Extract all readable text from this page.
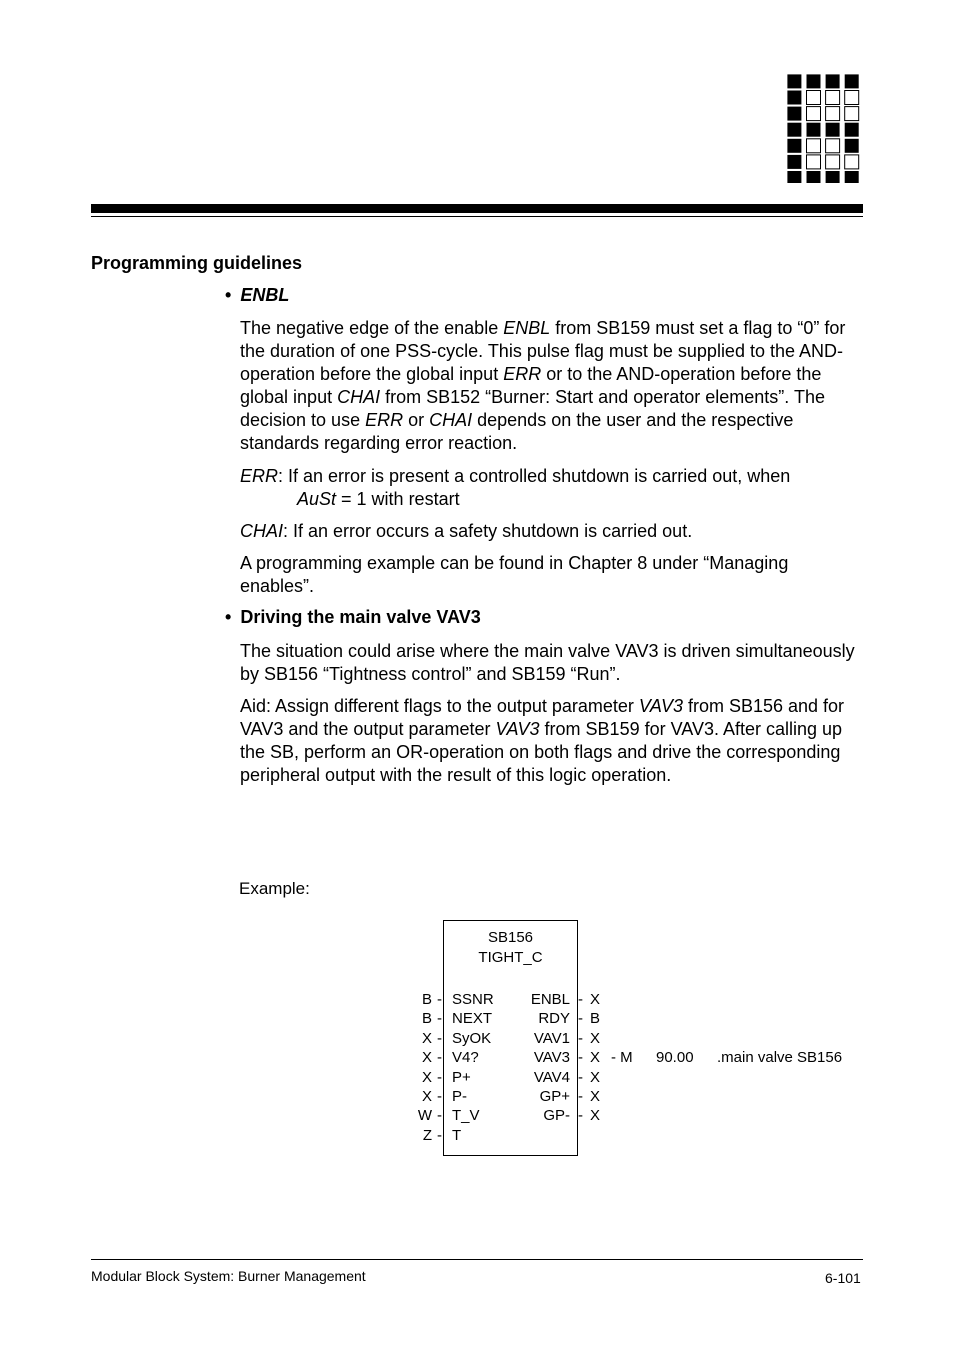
Programming guidelines
• ENBL

The negative edge of the enable ENBL from SB159 must set a flag to “0” for the duration of one PSS-cycle. This pulse flag must be supplied to the AND-operation before the global input ERR or to the AND-operation before the global input CHAI from SB152 “Burner: Start and operator elements”. The decision to use ERR or CHAI depends on the user and the respective standards regarding error reaction.

ERR: If an error is present a controlled shutdown is carried out, when
AuSt = 1 with restart

CHAI: If an error occurs a safety shutdown is carried out.

A programming example can be found in Chapter 8 under “Managing enables”.

• Driving the main valve VAV3

The situation could arise where the main valve VAV3 is driven simultaneously by SB156 “Tightness control” and SB159 “Run”.

Aid: Assign different flags to the output parameter VAV3 from SB156 and for VAV3 and the output parameter VAV3 from SB159 for VAV3. After calling up the SB, perform an OR-operation on both flags and drive the corresponding peripheral output with the result of this logic operation.

Example:
SB156
TIGHT_C
B - SSNR
B - NEXT
X - SyOK
X - V4?
X - P+
X - P-
W - T_V
Z - T
ENBL - X
RDY - B
VAV1 - X
VAV3 - X
VAV4 - X
GP+ - X
GP- - X
- M 90.00 .main valve SB156
Modular Block System: Burner Management	6-101
